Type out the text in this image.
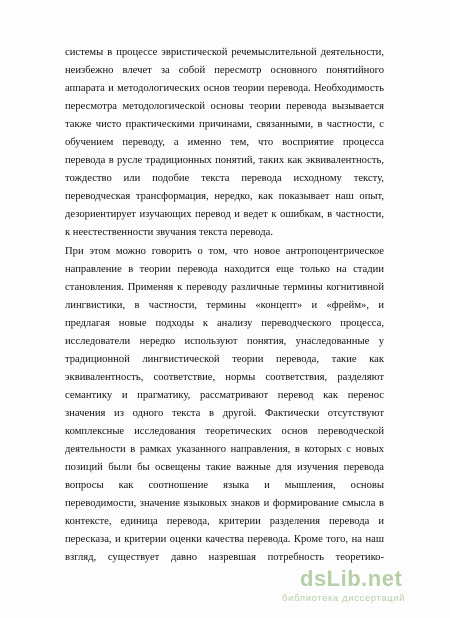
системы в процессе эвристической речемыслительной деятельности,
неизбежно влечет за собой пересмотр основного понятийного
аппарата и методологических основ теории перевода. Необходимость
пересмотра методологической основы теории перевода вызывается
также чисто практическими причинами, связанными, в частности, с
обучением переводу, а именно тем, что восприятие процесса
перевода в русле традиционных понятий, таких как эквивалентность,
тождество или подобие текста перевода исходному тексту,
переводческая трансформация, нередко, как показывает наш опыт,
дезориентирует изучающих перевод и ведет к ошибкам, в частности,
к неестественности звучания текста перевода.
При этом можно говорить о том, что новое антропоцентрическое
направление в теории перевода находится еще только на стадии
становления. Применяя к переводу различные термины когнитивной
лингвистики, в частности, термины «концепт» и «фрейм», и
предлагая новые подходы к анализу переводческого процесса,
исследователи нередко используют понятия, унаследованные у
традиционной лингвистической теории перевода, такие как
эквивалентность, соответствие, нормы соответствия, разделяют
семантику и прагматику, рассматривают перевод как перенос
значения из одного текста в другой. Фактически отсутствуют
комплексные исследования теоретических основ переводческой
деятельности в рамках указанного направления, в которых с новых
позиций были бы освещены такие важные для изучения перевода
вопросы как соотношение языка и мышления, основы
переводимости, значение языковых знаков и формирование смысла в
контексте, единица перевода, критерии разделения перевода и
пересказа, и критерии оценки качества перевода. Кроме того, на наш
взгляд, существует давно назревшая потребность теоретико-
dsLib.net
библиотека диссертаций
